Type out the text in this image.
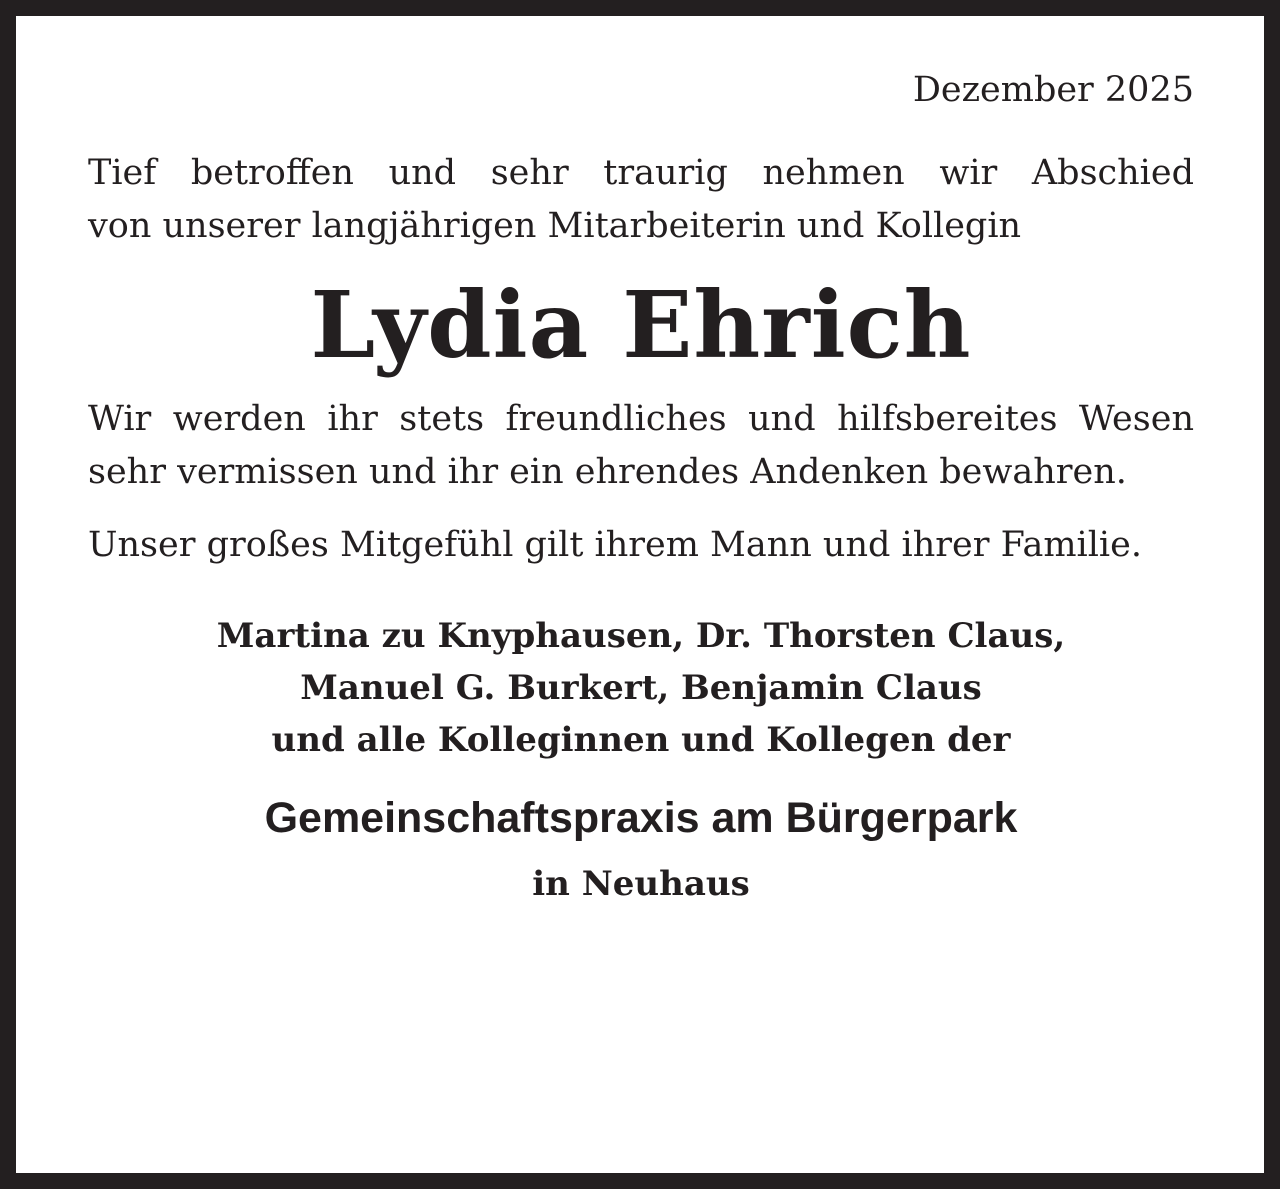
Dezember 2025

Tief betroffen und sehr traurig nehmen wir Abschied
von unserer langjährigen Mitarbeiterin und Kollegin

Lydia Ehrich

Wir werden ihr stets freundliches und hilfsbereites Wesen sehr vermissen und ihr ein ehrendes Andenken bewahren.

Unser großes Mitgefühl gilt ihrem Mann und ihrer Familie.

Martina zu Knyphausen, Dr. Thorsten Claus,
Manuel G. Burkert, Benjamin Claus
und alle Kolleginnen und Kollegen der
Gemeinschaftspraxis am Bürgerpark
in Neuhaus
